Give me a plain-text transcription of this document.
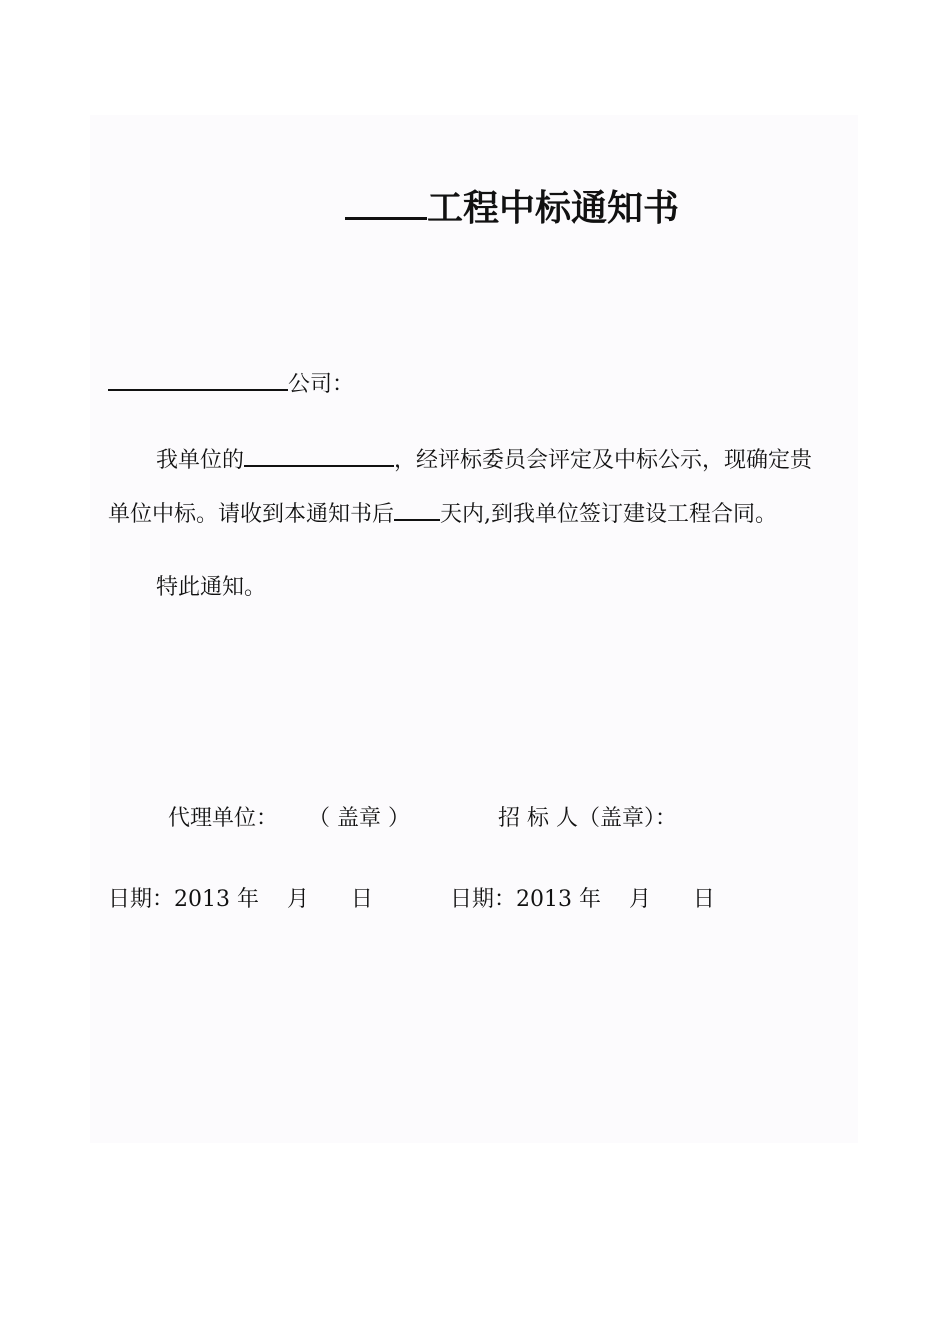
工程中标通知书
公司：
我单位的	，经评标委员会评定及中标公示，现确定贵
单位中标。请收到本通知书后 天内,到我单位签订建设工程合同。
特此通知。
代理单位： （ 盖章 ）	招 标 人（盖章）：
日期：2013 年    月      日	日期：2013 年    月      日
